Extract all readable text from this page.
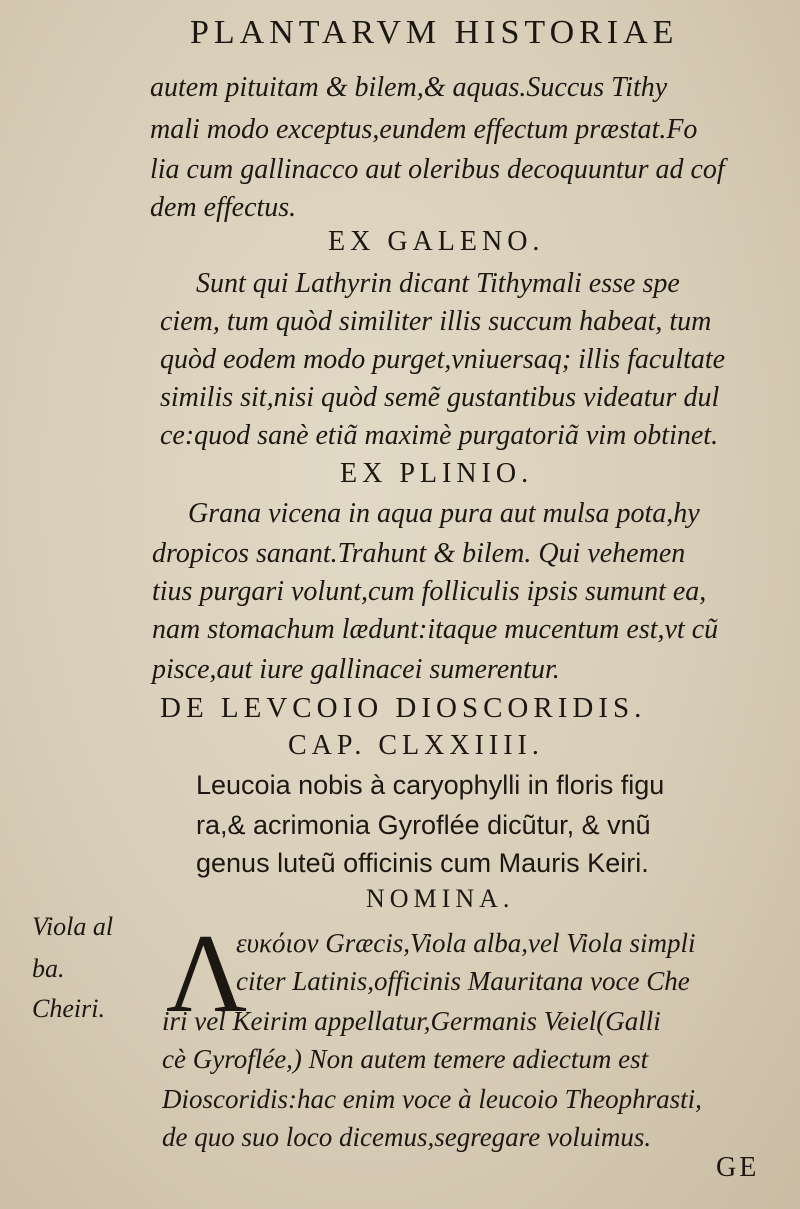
PLANTARVM HISTORIAE
autem pituitam & bilem,& aquas.Succus Tithy
mali modo exceptus,eundem effectum præstat.Fo
lia cum gallinacco aut oleribus decoquuntur ad cof
dem effectus.
EX GALENO.
Sunt qui Lathyrin dicant Tithymali esse spe
ciem, tum quòd similiter illis succum habeat, tum
quòd eodem modo purget,vniuersaq; illis facultate
similis sit,nisi quòd semẽ gustantibus videatur dul
ce:quod sanè etiã maximè purgatoriã vim obtinet.
EX PLINIO.
Grana vicena in aqua pura aut mulsa pota,hy
dropicos sanant.Trahunt & bilem. Qui vehemen
tius purgari volunt,cum folliculis ipsis sumunt ea,
nam stomachum lædunt:itaque mucentum est,vt cũ
pisce,aut iure gallinacei sumerentur.
DE LEVCOIO DIOSCORIDIS.
CAP. CLXXIIII.
Leucoia nobis à caryophylli in floris figu
ra,& acrimonia Gyroflée dicũtur, & vnũ
genus luteũ officinis cum Mauris Keiri.
NOMINA.
Λ
ευκόιον Græcis,Viola alba,vel Viola simpli
citer Latinis,officinis Mauritana voce Che
iri vel Keirim appellatur,Germanis Veiel(Galli
cè Gyroflée,) Non autem temere adiectum est
Dioscoridis:hac enim voce à leucoio Theophrasti,
de quo suo loco dicemus,segregare voluimus.
Viola al
ba.
Cheiri.
GE
